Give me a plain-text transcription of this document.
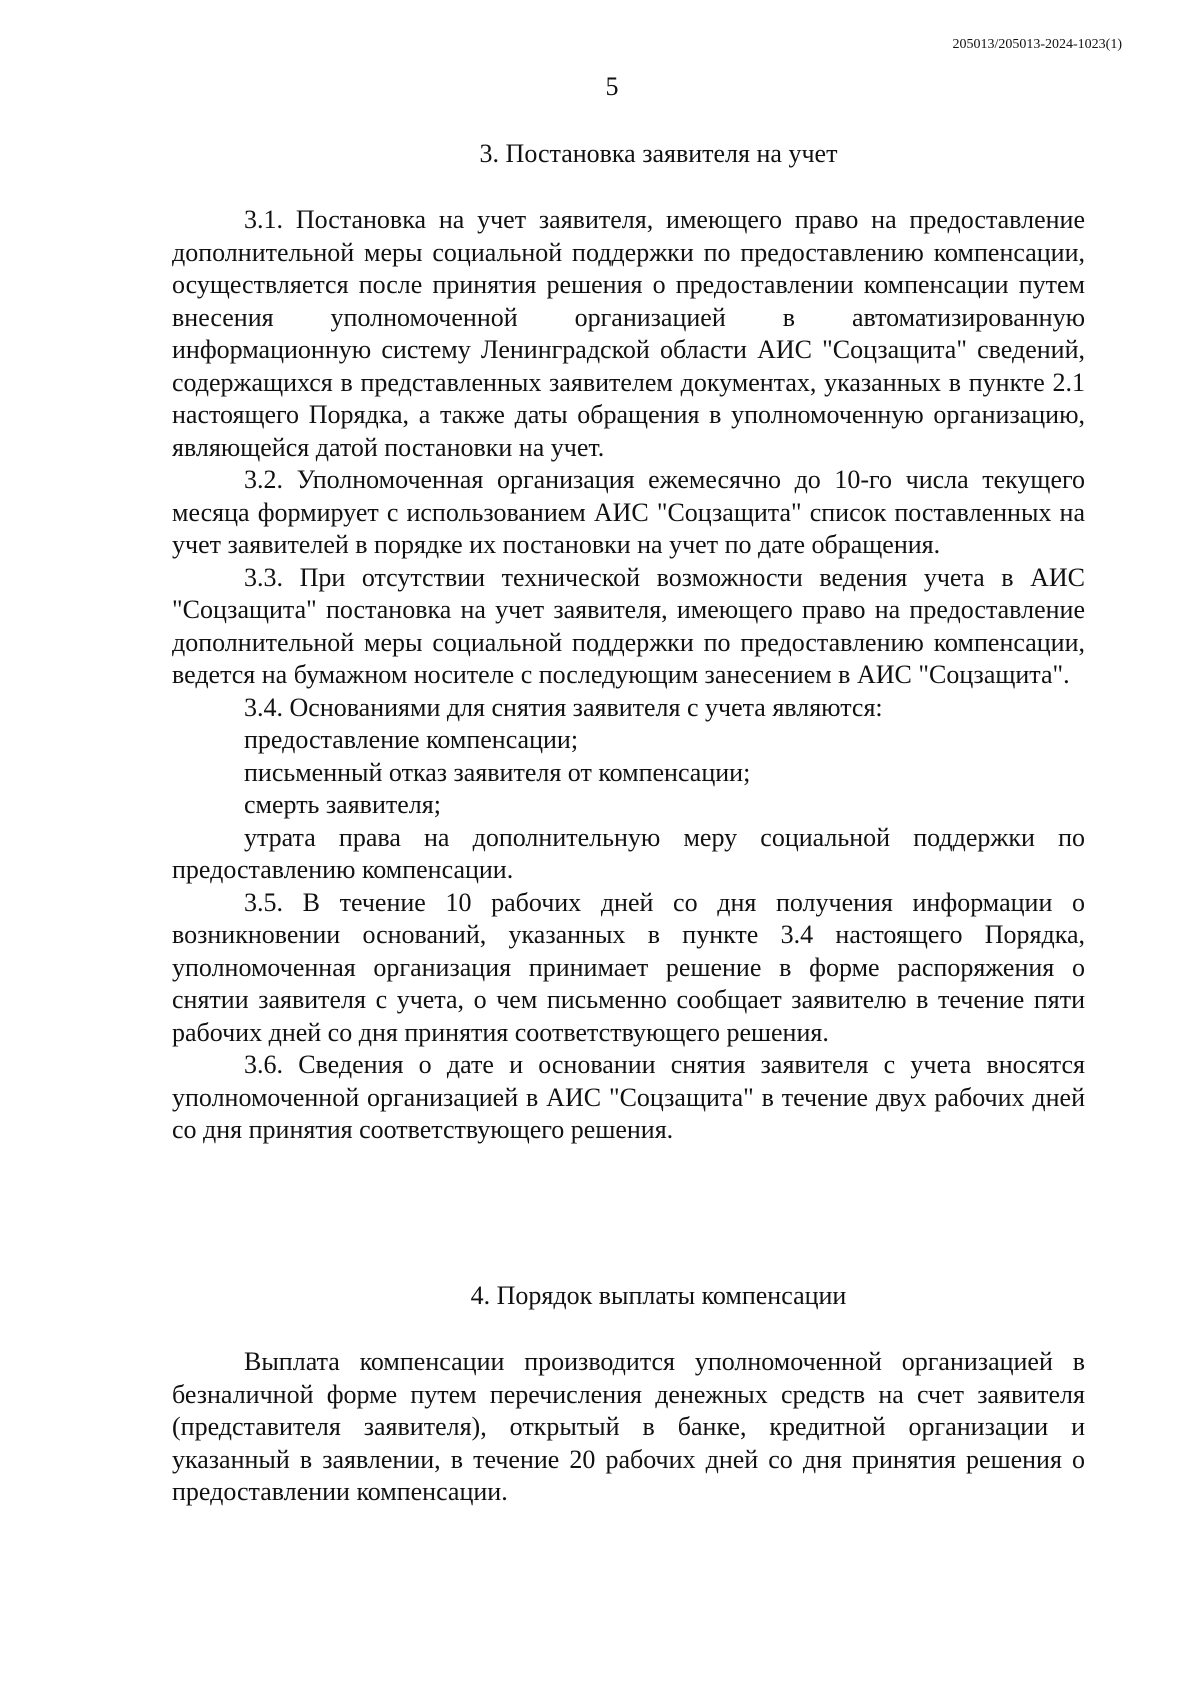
205013/205013-2024-1023(1)
5
3. Постановка заявителя на учет

3.1. Постановка на учет заявителя, имеющего право на предоставление дополнительной меры социальной поддержки по предоставлению компенсации, осуществляется после принятия решения о предоставлении компенсации путем внесения уполномоченной организацией в автоматизированную информационную систему Ленинградской области АИС "Соцзащита" сведений, содержащихся в представленных заявителем документах, указанных в пункте 2.1 настоящего Порядка, а также даты обращения в уполномоченную организацию, являющейся датой постановки на учет.

3.2. Уполномоченная организация ежемесячно до 10-го числа текущего месяца формирует с использованием АИС "Соцзащита" список поставленных на учет заявителей в порядке их постановки на учет по дате обращения.

3.3. При отсутствии технической возможности ведения учета в АИС "Соцзащита" постановка на учет заявителя, имеющего право на предоставление дополнительной меры социальной поддержки по предоставлению компенсации, ведется на бумажном носителе с последующим занесением в АИС "Соцзащита".

3.4. Основаниями для снятия заявителя с учета являются:

предоставление компенсации;

письменный отказ заявителя от компенсации;

смерть заявителя;

утрата права на дополнительную меру социальной поддержки по предоставлению компенсации.

3.5. В течение 10 рабочих дней со дня получения информации о возникновении оснований, указанных в пункте 3.4 настоящего Порядка, уполномоченная организация принимает решение в форме распоряжения о снятии заявителя с учета, о чем письменно сообщает заявителю в течение пяти рабочих дней со дня принятия соответствующего решения.

3.6. Сведения о дате и основании снятия заявителя с учета вносятся уполномоченной организацией в АИС "Соцзащита" в течение двух рабочих дней со дня принятия соответствующего решения.

4. Порядок выплаты компенсации

Выплата компенсации производится уполномоченной организацией в безналичной форме путем перечисления денежных средств на счет заявителя (представителя заявителя), открытый в банке, кредитной организации и указанный в заявлении, в течение 20 рабочих дней со дня принятия решения о предоставлении компенсации.
